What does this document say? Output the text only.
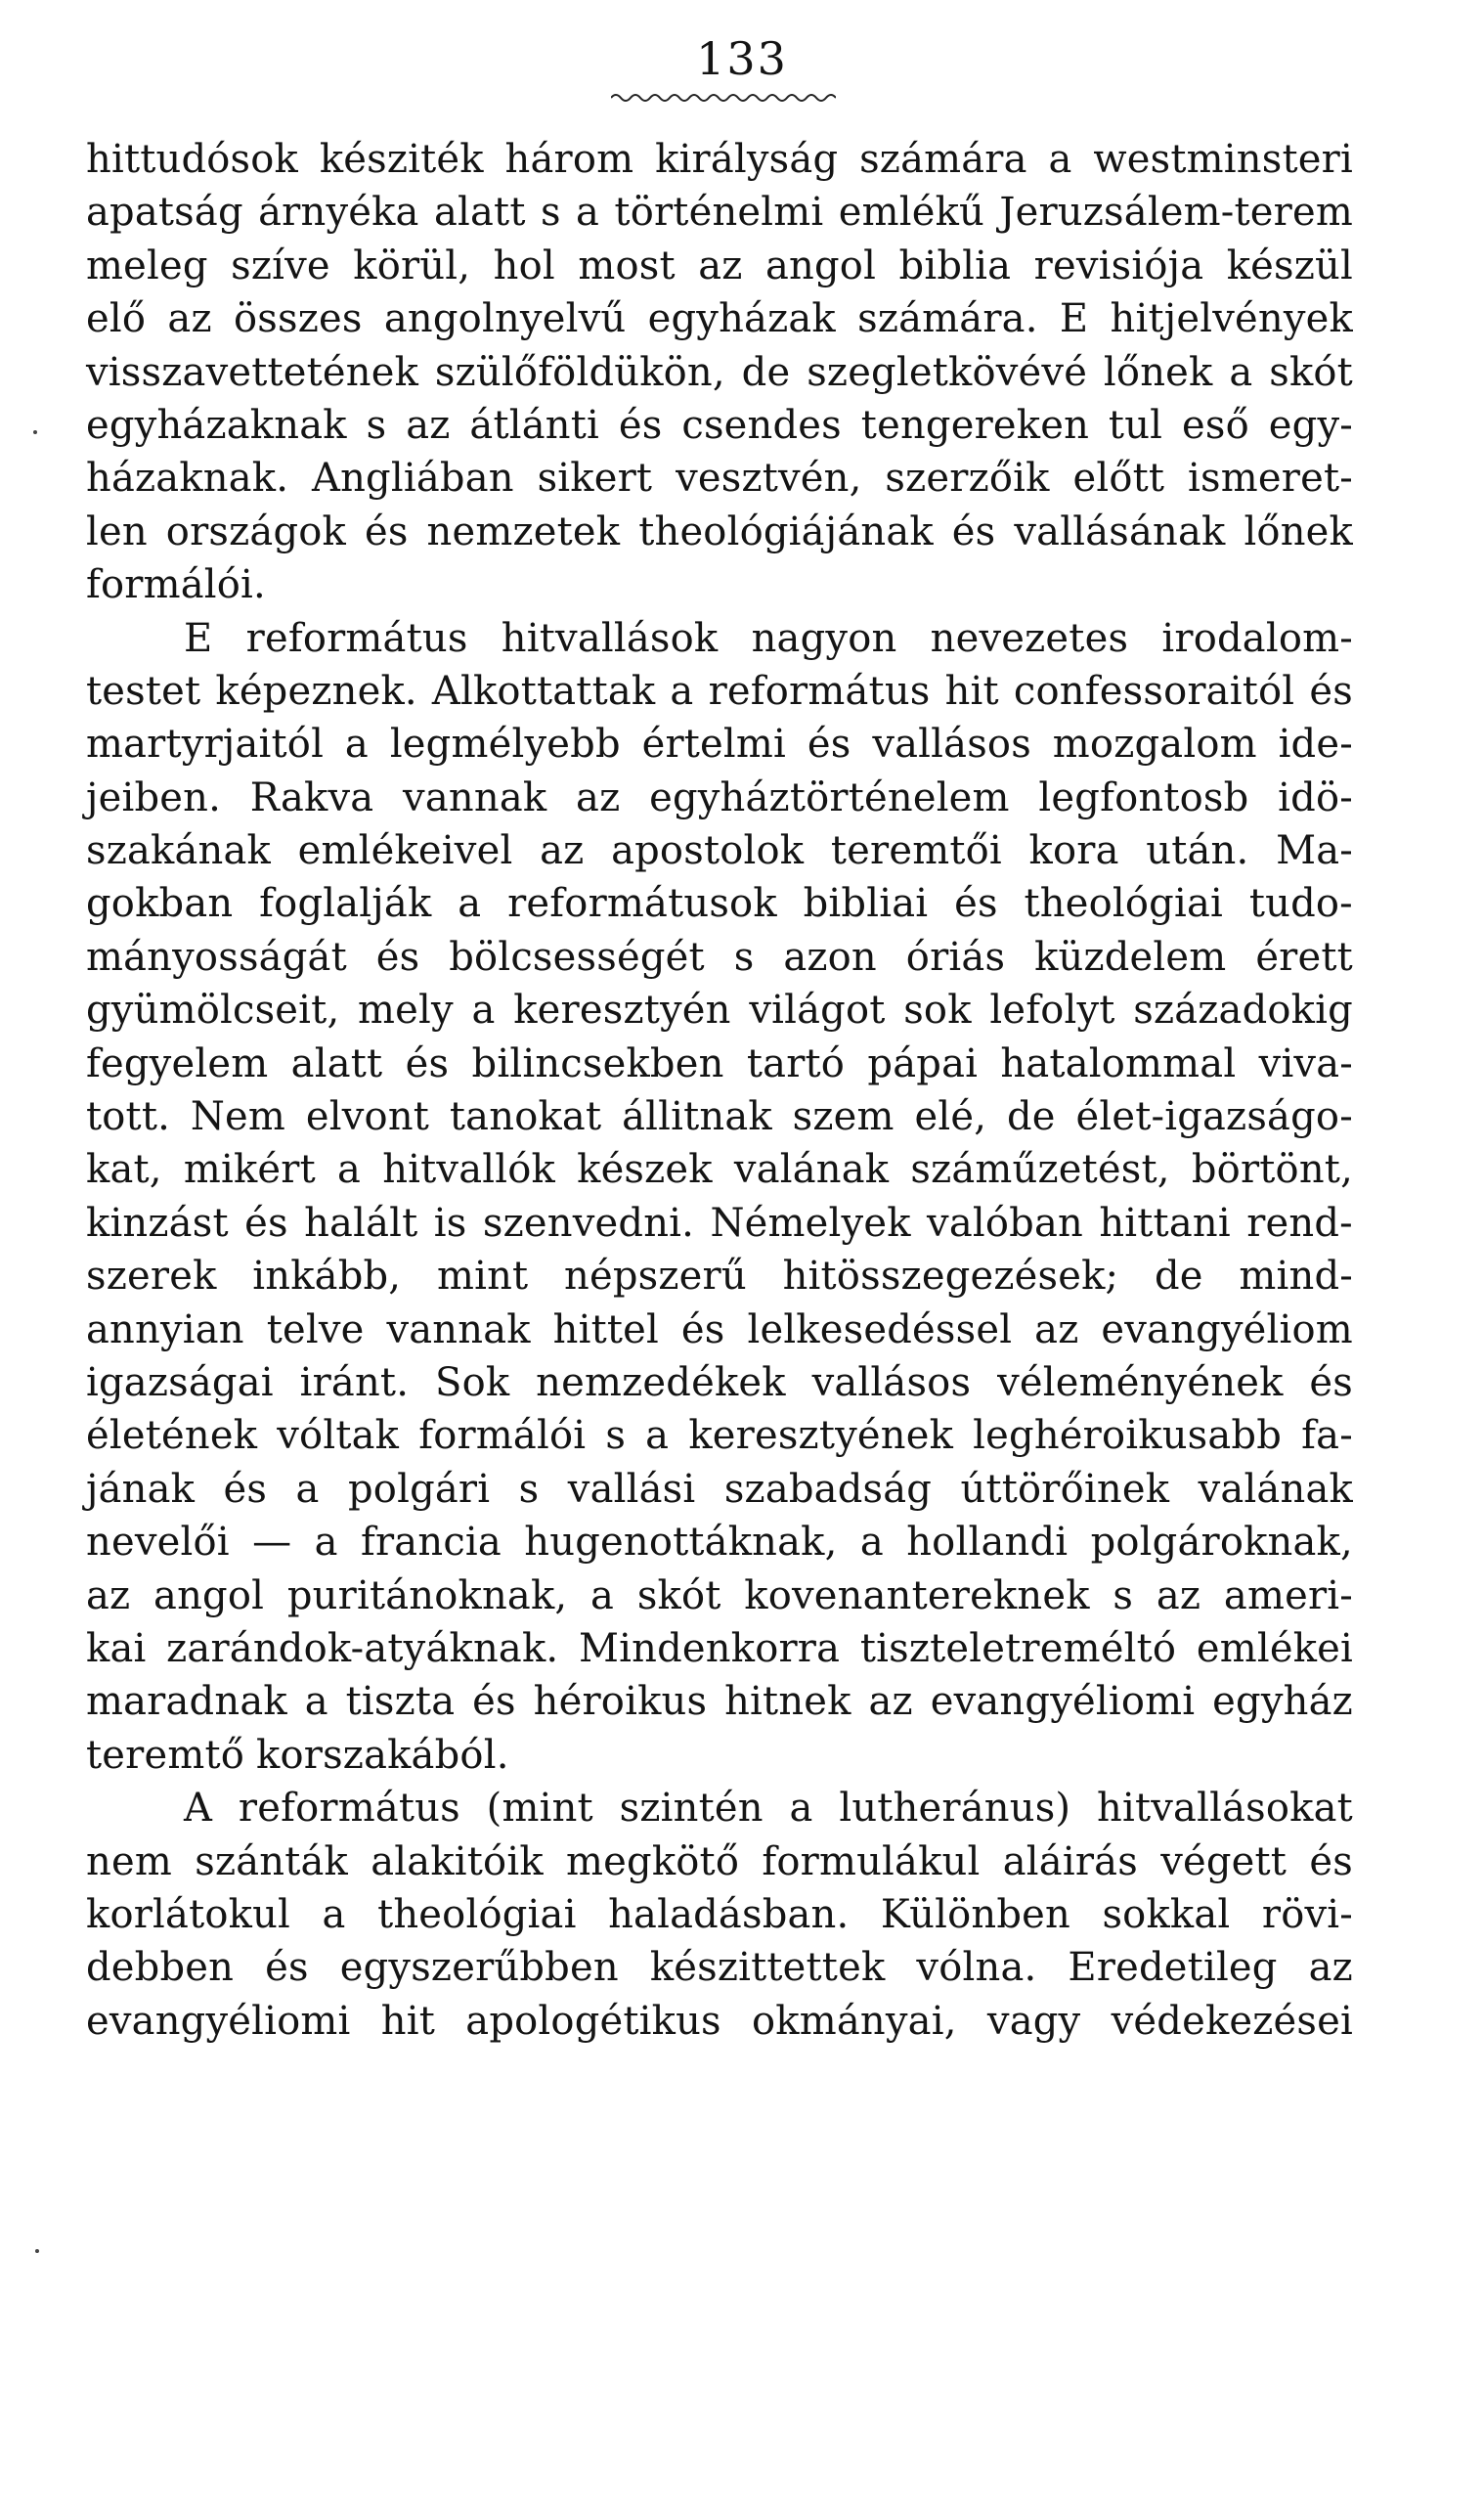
133
hittudósok késziték három királyság számára a westminsteri
apatság árnyéka alatt s a történelmi emlékű Jeruzsálem-terem
meleg szíve körül, hol most az angol biblia revisiója készül
elő az összes angolnyelvű egyházak számára. E hitjelvények
visszavettetének szülőföldükön, de szegletkövévé lőnek a skót
egyházaknak s az átlánti és csendes tengereken tul eső egy-
házaknak. Angliában sikert vesztvén, szerzőik előtt ismeret-
len országok és nemzetek theológiájának és vallásának lőnek
formálói.
E református hitvallások nagyon nevezetes irodalom-
testet képeznek. Alkottattak a református hit confessoraitól és
martyrjaitól a legmélyebb értelmi és vallásos mozgalom ide-
jeiben. Rakva vannak az egyháztörténelem legfontosb idö-
szakának emlékeivel az apostolok teremtői kora után. Ma-
gokban foglalják a reformátusok bibliai és theológiai tudo-
mányosságát és bölcsességét s azon óriás küzdelem érett
gyümölcseit, mely a keresztyén világot sok lefolyt századokig
fegyelem alatt és bilincsekben tartó pápai hatalommal viva-
tott. Nem elvont tanokat állitnak szem elé, de élet-igazságo-
kat, mikért a hitvallók készek valának száműzetést, börtönt,
kinzást és halált is szenvedni. Némelyek valóban hittani rend-
szerek inkább, mint népszerű hitösszegezések; de mind-
annyian telve vannak hittel és lelkesedéssel az evangyéliom
igazságai iránt. Sok nemzedékek vallásos véleményének és
életének vóltak formálói s a keresztyének leghéroikusabb fa-
jának és a polgári s vallási szabadság úttörőinek valának
nevelői — a francia hugenottáknak, a hollandi polgároknak,
az angol puritánoknak, a skót kovenantereknek s az ameri-
kai zarándok-atyáknak. Mindenkorra tiszteletreméltó emlékei
maradnak a tiszta és héroikus hitnek az evangyéliomi egyház
teremtő korszakából.
A református (mint szintén a lutheránus) hitvallásokat
nem szánták alakitóik megkötő formulákul aláirás végett és
korlátokul a theológiai haladásban. Különben sokkal rövi-
debben és egyszerűbben készittettek vólna. Eredetileg az
evangyéliomi hit apologétikus okmányai, vagy védekezései
